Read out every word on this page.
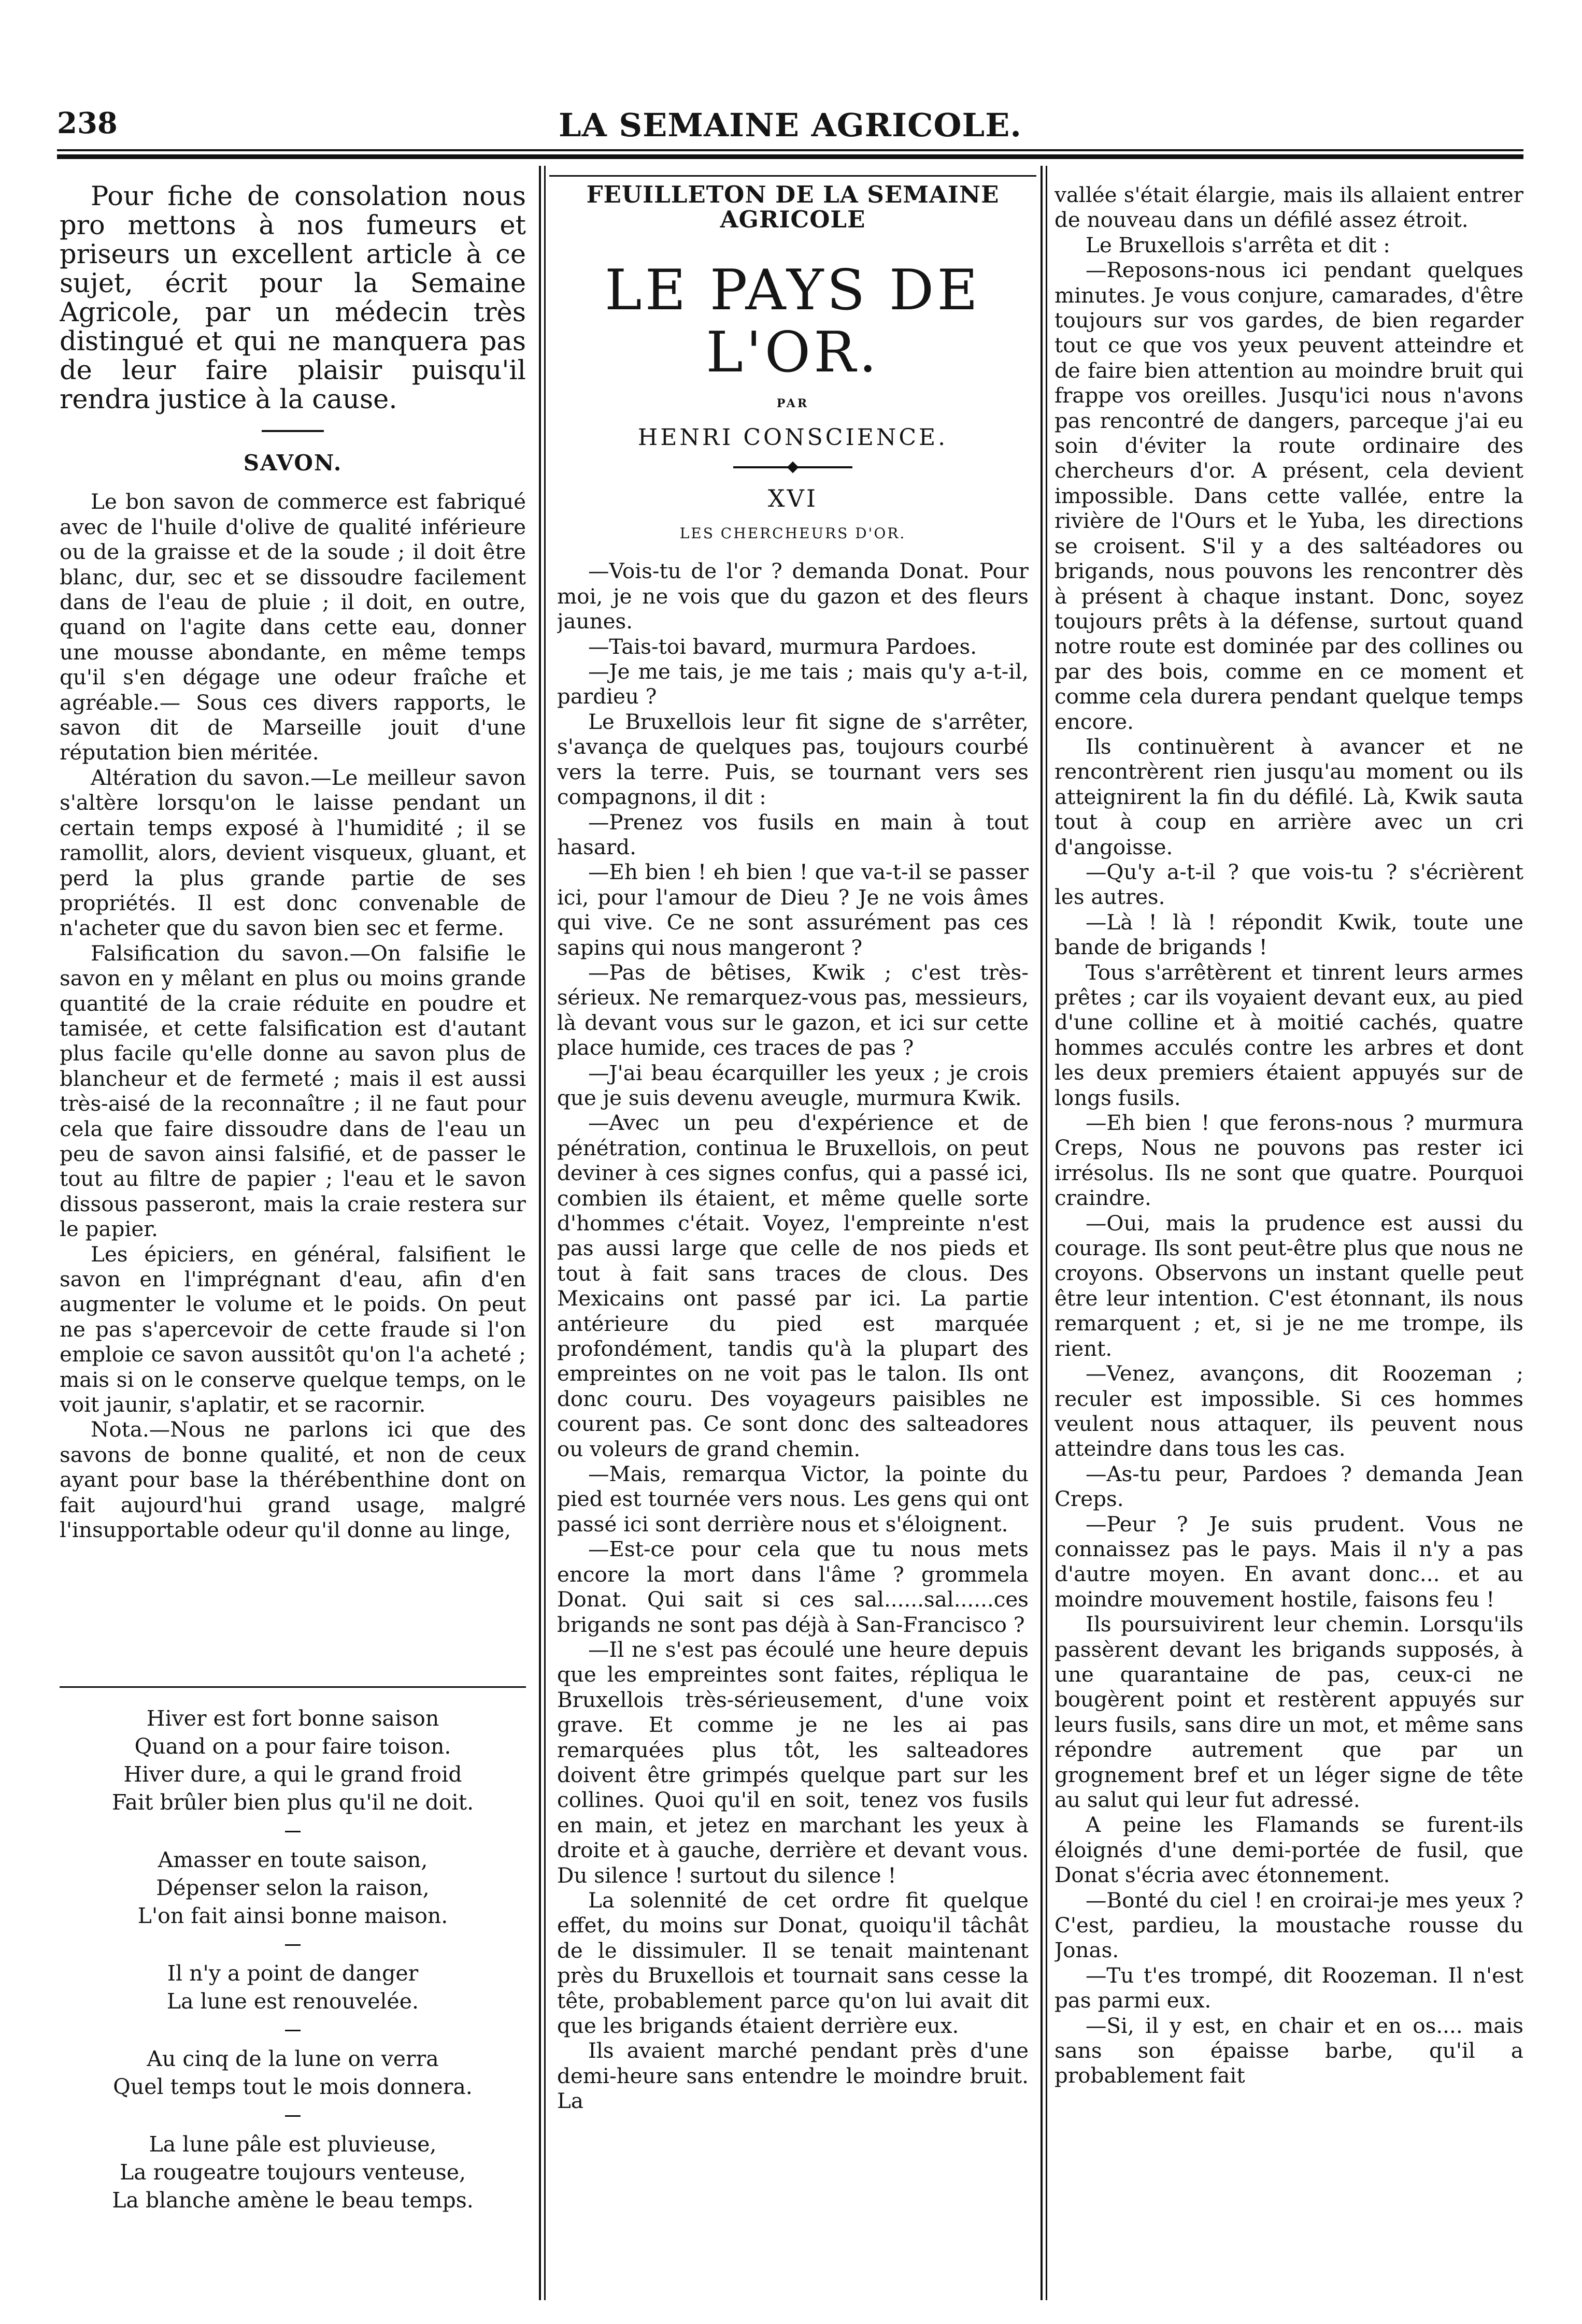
238	LA SEMAINE AGRICOLE.

Pour fiche de consolation nous pro mettons à nos fumeurs et priseurs un excellent article à ce sujet, écrit pour la Semaine Agricole, par un médecin très distingué et qui ne manquera pas de leur faire plaisir puisqu'il rendra justice à la cause.

SAVON.

Le bon savon de commerce est fabriqué avec de l'huile d'olive de qualité inférieure ou de la graisse et de la soude ; il doit être blanc, dur, sec et se dissoudre facilement dans de l'eau de pluie ; il doit, en outre, quand on l'agite dans cette eau, donner une mousse abondante, en même temps qu'il s'en dégage une odeur fraîche et agréable.— Sous ces divers rapports, le savon dit de Marseille jouit d'une réputation bien méritée.

Altération du savon.—Le meilleur savon s'altère lorsqu'on le laisse pendant un certain temps exposé à l'humidité ; il se ramollit, alors, devient visqueux, gluant, et perd la plus grande partie de ses propriétés. Il est donc convenable de n'acheter que du savon bien sec et ferme.

Falsification du savon.—On falsifie le savon en y mêlant en plus ou moins grande quantité de la craie réduite en poudre et tamisée, et cette falsification est d'autant plus facile qu'elle donne au savon plus de blancheur et de fermeté ; mais il est aussi très-aisé de la reconnaître ; il ne faut pour cela que faire dissoudre dans de l'eau un peu de savon ainsi falsifié, et de passer le tout au filtre de papier ; l'eau et le savon dissous passeront, mais la craie restera sur le papier.

Les épiciers, en général, falsifient le savon en l'imprégnant d'eau, afin d'en augmenter le volume et le poids. On peut ne pas s'apercevoir de cette fraude si l'on emploie ce savon aussitôt qu'on l'a acheté ; mais si on le conserve quelque temps, on le voit jaunir, s'aplatir, et se racornir.

Nota.—Nous ne parlons ici que des savons de bonne qualité, et non de ceux ayant pour base la thérébenthine dont on fait aujourd'hui grand usage, malgré l'insupportable odeur qu'il donne au linge,

Hiver est fort bonne saison
Quand on a pour faire toison.
Hiver dure, a qui le grand froid
Fait brûler bien plus qu'il ne doit.
Amasser en toute saison,
Dépenser selon la raison,
L'on fait ainsi bonne maison.
Il n'y a point de danger
La lune est renouvelée.
Au cinq de la lune on verra
Quel temps tout le mois donnera.
La lune pâle est pluvieuse,
La rougeatre toujours venteuse,
La blanche amène le beau temps.
FEUILLETON DE LA SEMAINE AGRICOLE
LE PAYS DE L'OR.
PAR
HENRI CONSCIENCE.
XVI
LES CHERCHEURS D'OR.

—Vois-tu de l'or ? demanda Donat. Pour moi, je ne vois que du gazon et des fleurs jaunes.

—Tais-toi bavard, murmura Pardoes.

—Je me tais, je me tais ; mais qu'y a-t-il, pardieu ?

Le Bruxellois leur fit signe de s'arrêter, s'avança de quelques pas, toujours courbé vers la terre. Puis, se tournant vers ses compagnons, il dit :

—Prenez vos fusils en main à tout hasard.

—Eh bien ! eh bien ! que va-t-il se passer ici, pour l'amour de Dieu ? Je ne vois âmes qui vive. Ce ne sont assurément pas ces sapins qui nous mangeront ?

—Pas de bêtises, Kwik ; c'est très-sérieux. Ne remarquez-vous pas, messieurs, là devant vous sur le gazon, et ici sur cette place humide, ces traces de pas ?

—J'ai beau écarquiller les yeux ; je crois que je suis devenu aveugle, murmura Kwik.

—Avec un peu d'expérience et de pénétration, continua le Bruxellois, on peut deviner à ces signes confus, qui a passé ici, combien ils étaient, et même quelle sorte d'hommes c'était. Voyez, l'empreinte n'est pas aussi large que celle de nos pieds et tout à fait sans traces de clous. Des Mexicains ont passé par ici. La partie antérieure du pied est marquée profondément, tandis qu'à la plupart des empreintes on ne voit pas le talon. Ils ont donc couru. Des voyageurs paisibles ne courent pas. Ce sont donc des salteadores ou voleurs de grand chemin.

—Mais, remarqua Victor, la pointe du pied est tournée vers nous. Les gens qui ont passé ici sont derrière nous et s'éloignent.

—Est-ce pour cela que tu nous mets encore la mort dans l'âme ? grommela Donat. Qui sait si ces sal......sal......ces brigands ne sont pas déjà à San-Francisco ?

—Il ne s'est pas écoulé une heure depuis que les empreintes sont faites, répliqua le Bruxellois très-sérieusement, d'une voix grave. Et comme je ne les ai pas remarquées plus tôt, les salteadores doivent être grimpés quelque part sur les collines. Quoi qu'il en soit, tenez vos fusils en main, et jetez en marchant les yeux à droite et à gauche, derrière et devant vous. Du silence ! surtout du silence !

La solennité de cet ordre fit quelque effet, du moins sur Donat, quoiqu'il tâchât de le dissimuler. Il se tenait maintenant près du Bruxellois et tournait sans cesse la tête, probablement parce qu'on lui avait dit que les brigands étaient derrière eux.

Ils avaient marché pendant près d'une demi-heure sans entendre le moindre bruit. La

vallée s'était élargie, mais ils allaient entrer de nouveau dans un défilé assez étroit.

Le Bruxellois s'arrêta et dit :

—Reposons-nous ici pendant quelques minutes. Je vous conjure, camarades, d'être toujours sur vos gardes, de bien regarder tout ce que vos yeux peuvent atteindre et de faire bien attention au moindre bruit qui frappe vos oreilles. Jusqu'ici nous n'avons pas rencontré de dangers, parceque j'ai eu soin d'éviter la route ordinaire des chercheurs d'or. A présent, cela devient impossible. Dans cette vallée, entre la rivière de l'Ours et le Yuba, les directions se croisent. S'il y a des saltéadores ou brigands, nous pouvons les rencontrer dès à présent à chaque instant. Donc, soyez toujours prêts à la défense, surtout quand notre route est dominée par des collines ou par des bois, comme en ce moment et comme cela durera pendant quelque temps encore.

Ils continuèrent à avancer et ne rencontrèrent rien jusqu'au moment ou ils atteignirent la fin du défilé. Là, Kwik sauta tout à coup en arrière avec un cri d'angoisse.

—Qu'y a-t-il ? que vois-tu ? s'écrièrent les autres.

—Là ! là ! répondit Kwik, toute une bande de brigands !

Tous s'arrêtèrent et tinrent leurs armes prêtes ; car ils voyaient devant eux, au pied d'une colline et à moitié cachés, quatre hommes acculés contre les arbres et dont les deux premiers étaient appuyés sur de longs fusils.

—Eh bien ! que ferons-nous ? murmura Creps, Nous ne pouvons pas rester ici irrésolus. Ils ne sont que quatre. Pourquoi craindre.

—Oui, mais la prudence est aussi du courage. Ils sont peut-être plus que nous ne croyons. Observons un instant quelle peut être leur intention. C'est étonnant, ils nous remarquent ; et, si je ne me trompe, ils rient.

—Venez, avançons, dit Roozeman ; reculer est impossible. Si ces hommes veulent nous attaquer, ils peuvent nous atteindre dans tous les cas.

—As-tu peur, Pardoes ? demanda Jean Creps.

—Peur ? Je suis prudent. Vous ne connaissez pas le pays. Mais il n'y a pas d'autre moyen. En avant donc... et au moindre mouvement hostile, faisons feu !

Ils poursuivirent leur chemin. Lorsqu'ils passèrent devant les brigands supposés, à une quarantaine de pas, ceux-ci ne bougèrent point et restèrent appuyés sur leurs fusils, sans dire un mot, et même sans répondre autrement que par un grognement bref et un léger signe de tête au salut qui leur fut adressé.

A peine les Flamands se furent-ils éloignés d'une demi-portée de fusil, que Donat s'écria avec étonnement.

—Bonté du ciel ! en croirai-je mes yeux ? C'est, pardieu, la moustache rousse du Jonas.

—Tu t'es trompé, dit Roozeman. Il n'est pas parmi eux.

—Si, il y est, en chair et en os.... mais sans son épaisse barbe, qu'il a probablement fait
